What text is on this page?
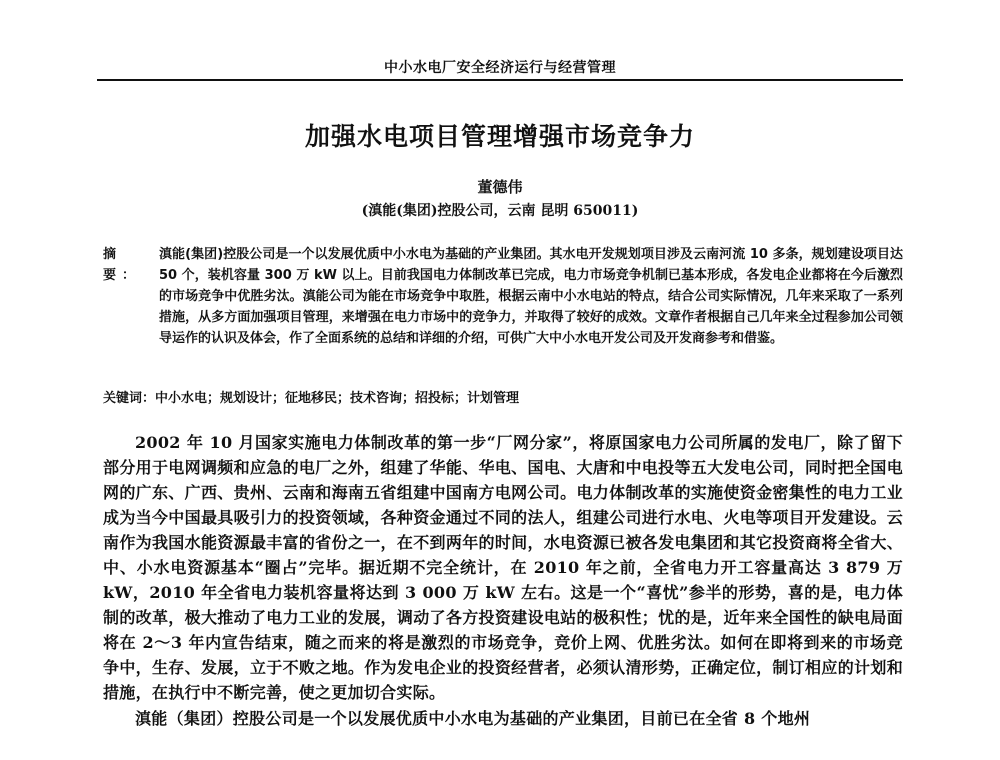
中小水电厂安全经济运行与经营管理
加强水电项目管理增强市场竞争力
董德伟
(滇能(集团)控股公司，云南 昆明 650011)
摘 要：
滇能(集团)控股公司是一个以发展优质中小水电为基础的产业集团。其水电开发规划项目涉及云南河流 10 多条，规划建设项目达 50 个，装机容量 300 万 kW 以上。目前我国电力体制改革已完成，电力市场竞争机制已基本形成，各发电企业都将在今后激烈的市场竞争中优胜劣汰。滇能公司为能在市场竞争中取胜，根据云南中小水电站的特点，结合公司实际情况，几年来采取了一系列措施，从多方面加强项目管理，来增强在电力市场中的竞争力，并取得了较好的成效。文章作者根据自己几年来全过程参加公司领导运作的认识及体会，作了全面系统的总结和详细的介绍，可供广大中小水电开发公司及开发商参考和借鉴。
关键词：中小水电；规划设计；征地移民；技术咨询；招投标；计划管理

2002 年 10 月国家实施电力体制改革的第一步“厂网分家”，将原国家电力公司所属的发电厂，除了留下部分用于电网调频和应急的电厂之外，组建了华能、华电、国电、大唐和中电投等五大发电公司，同时把全国电网的广东、广西、贵州、云南和海南五省组建中国南方电网公司。电力体制改革的实施使资金密集性的电力工业成为当今中国最具吸引力的投资领域，各种资金通过不同的法人，组建公司进行水电、火电等项目开发建设。云南作为我国水能资源最丰富的省份之一，在不到两年的时间，水电资源已被各发电集团和其它投资商将全省大、中、小水电资源基本“圈占”完毕。据近期不完全统计，在 2010 年之前，全省电力开工容量高达 3 879 万 kW，2010 年全省电力装机容量将达到 3 000 万 kW 左右。这是一个“喜忧”参半的形势，喜的是，电力体制的改革，极大推动了电力工业的发展，调动了各方投资建设电站的极积性；忧的是，近年来全国性的缺电局面将在 2～3 年内宣告结束，随之而来的将是激烈的市场竞争，竞价上网、优胜劣汰。如何在即将到来的市场竞争中，生存、发展，立于不败之地。作为发电企业的投资经营者，必须认清形势，正确定位，制订相应的计划和措施，在执行中不断完善，使之更加切合实际。

滇能（集团）控股公司是一个以发展优质中小水电为基础的产业集团，目前已在全省 8 个地州
